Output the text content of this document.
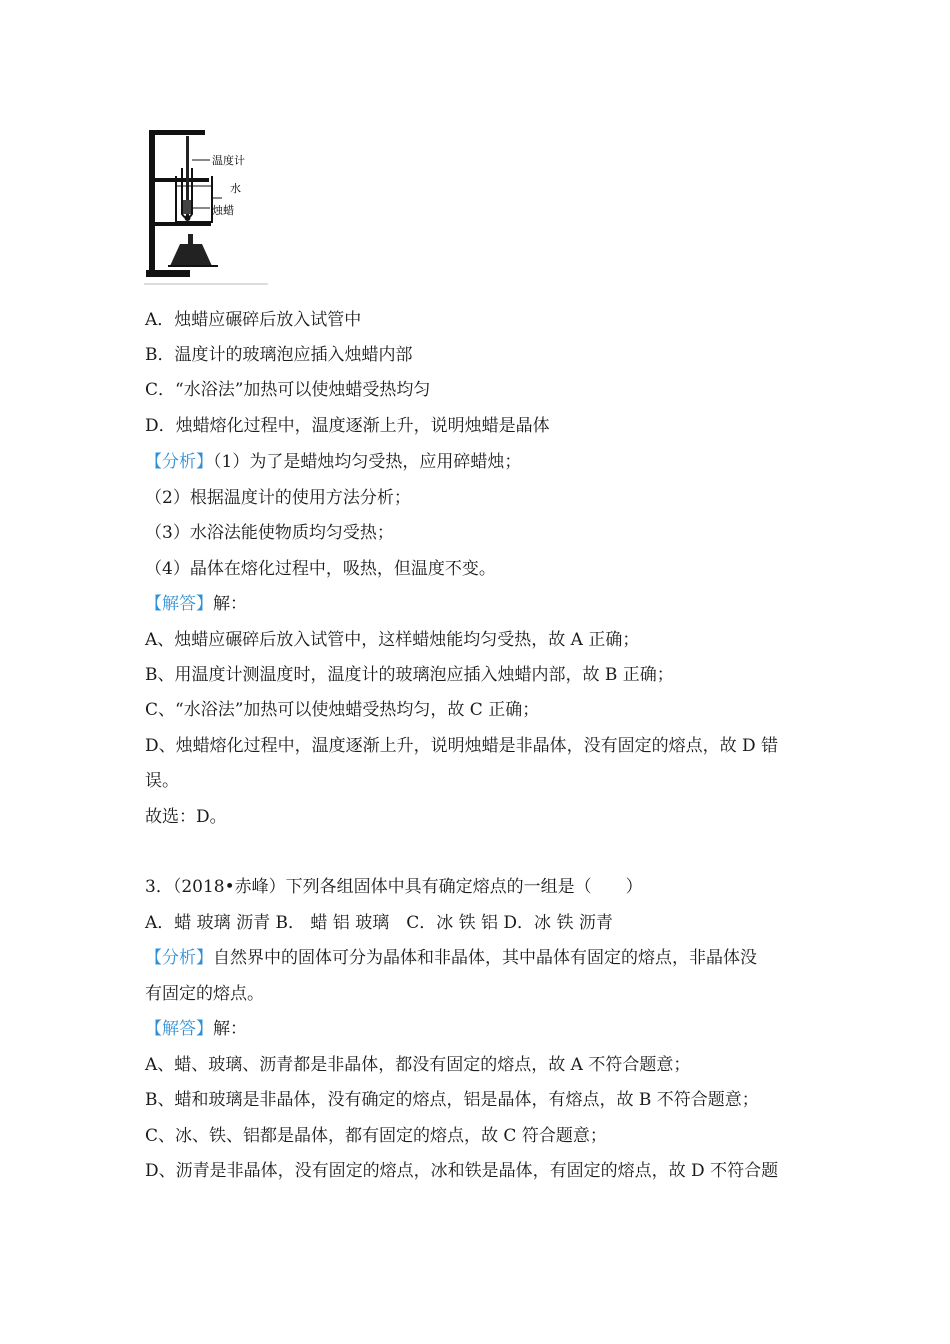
温度计
水
烛蜡
A．烛蜡应碾碎后放入试管中
B．温度计的玻璃泡应插入烛蜡内部
C．“水浴法”加热可以使烛蜡受热均匀
D．烛蜡熔化过程中，温度逐渐上升，说明烛蜡是晶体
【分析】（1）为了是蜡烛均匀受热，应用碎蜡烛；
（2）根据温度计的使用方法分析；
（3）水浴法能使物质均匀受热；
（4）晶体在熔化过程中，吸热，但温度不变。
【解答】解：
A、烛蜡应碾碎后放入试管中，这样蜡烛能均匀受热，故 A 正确；
B、用温度计测温度时，温度计的玻璃泡应插入烛蜡内部，故 B 正确；
C、“水浴法”加热可以使烛蜡受热均匀，故 C 正确；
D、烛蜡熔化过程中，温度逐渐上升，说明烛蜡是非晶体，没有固定的熔点，故 D 错
误。
故选：D。
3．（2018•赤峰）下列各组固体中具有确定熔点的一组是（　　）
A．蜡 玻璃 沥青 B． 蜡 铝 玻璃　C．冰 铁 铝 D．冰 铁 沥青
【分析】自然界中的固体可分为晶体和非晶体，其中晶体有固定的熔点，非晶体没
有固定的熔点。
【解答】解：
A、蜡、玻璃、沥青都是非晶体，都没有固定的熔点，故 A 不符合题意；
B、蜡和玻璃是非晶体，没有确定的熔点，铝是晶体，有熔点，故 B 不符合题意；
C、冰、铁、铝都是晶体，都有固定的熔点，故 C 符合题意；
D、沥青是非晶体，没有固定的熔点，冰和铁是晶体，有固定的熔点，故 D 不符合题
